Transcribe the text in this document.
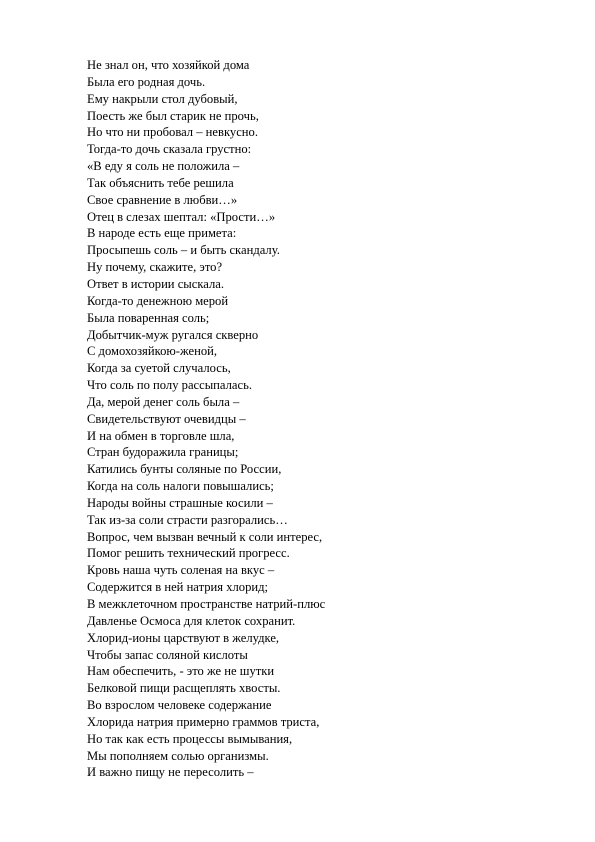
Не знал он, что хозяйкой дома
Была его родная дочь.
Ему накрыли стол дубовый,
Поесть же был старик не прочь,
Но что ни пробовал – невкусно.
Тогда-то дочь сказала грустно:
«В еду я соль не положила –
Так объяснить тебе решила
Свое сравнение в любви…»
Отец в слезах шептал: «Прости…»
В народе есть еще примета:
Просыпешь соль – и быть скандалу.
Ну почему, скажите, это?
Ответ в истории сыскала.
Когда-то денежною мерой
Была поваренная соль;
Добытчик-муж ругался скверно
С домохозяйкою-женой,
Когда за суетой случалось,
Что соль по полу рассыпалась.
Да, мерой денег соль была –
Свидетельствуют очевидцы –
И на обмен в торговле шла,
Стран будоражила границы;
Катились бунты соляные по России,
Когда на соль налоги повышались;
Народы войны страшные косили –
Так из-за соли страсти разгорались…
Вопрос, чем вызван вечный к соли интерес,
Помог решить технический прогресс.
Кровь наша чуть соленая на вкус –
Содержится в ней натрия хлорид;
В межклеточном пространстве натрий-плюс
Давленье Осмоса для клеток сохранит.
Хлорид-ионы царствуют в желудке,
Чтобы запас соляной кислоты
Нам обеспечить, - это же не шутки
Белковой пищи расщеплять хвосты.
Во взрослом человеке содержание
Хлорида натрия примерно граммов триста,
Но так как есть процессы вымывания,
Мы пополняем солью организмы.
И важно пищу не пересолить –
